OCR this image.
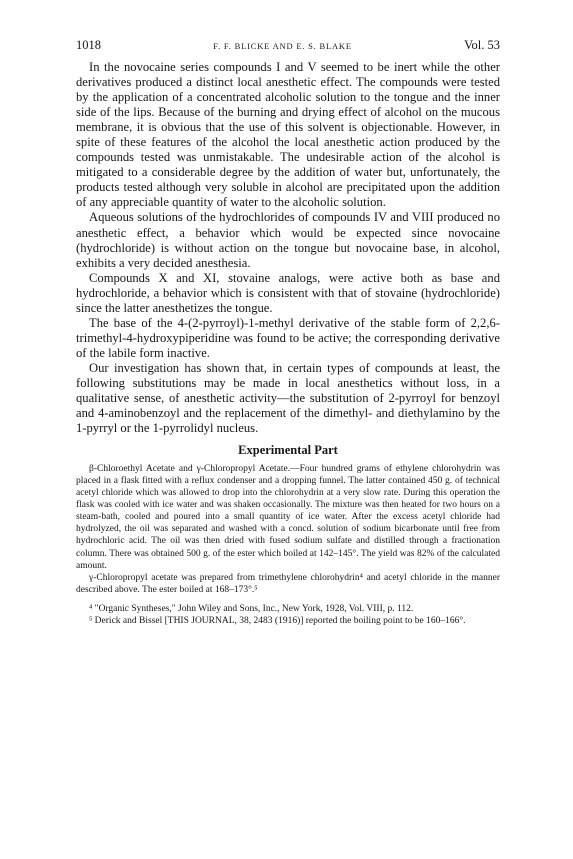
1018	F. F. BLICKE AND E. S. BLAKE	Vol. 53

In the novocaine series compounds I and V seemed to be inert while the other derivatives produced a distinct local anesthetic effect. The compounds were tested by the application of a concentrated alcoholic solution to the tongue and the inner side of the lips. Because of the burning and drying effect of alcohol on the mucous membrane, it is obvious that the use of this solvent is objectionable. However, in spite of these features of the alcohol the local anesthetic action produced by the compounds tested was unmistakable. The undesirable action of the alcohol is mitigated to a considerable degree by the addition of water but, unfortunately, the products tested although very soluble in alcohol are precipitated upon the addition of any appreciable quantity of water to the alcoholic solution.

Aqueous solutions of the hydrochlorides of compounds IV and VIII produced no anesthetic effect, a behavior which would be expected since novocaine (hydrochloride) is without action on the tongue but novocaine base, in alcohol, exhibits a very decided anesthesia.

Compounds X and XI, stovaine analogs, were active both as base and hydrochloride, a behavior which is consistent with that of stovaine (hydrochloride) since the latter anesthetizes the tongue.

The base of the 4-(2-pyrroyl)-1-methyl derivative of the stable form of 2,2,6-trimethyl-4-hydroxypiperidine was found to be active; the corresponding derivative of the labile form inactive.

Our investigation has shown that, in certain types of compounds at least, the following substitutions may be made in local anesthetics without loss, in a qualitative sense, of anesthetic activity—the substitution of 2-pyrroyl for benzoyl and 4-aminobenzoyl and the replacement of the dimethyl- and diethylamino by the 1-pyrryl or the 1-pyrrolidyl nucleus.

Experimental Part

β-Chloroethyl Acetate and γ-Chloropropyl Acetate.—Four hundred grams of ethylene chlorohydrin was placed in a flask fitted with a reflux condenser and a dropping funnel. The latter contained 450 g. of technical acetyl chloride which was allowed to drop into the chlorohydrin at a very slow rate. During this operation the flask was cooled with ice water and was shaken occasionally. The mixture was then heated for two hours on a steam-bath, cooled and poured into a small quantity of ice water. After the excess acetyl chloride had hydrolyzed, the oil was separated and washed with a concd. solution of sodium bicarbonate until free from hydrochloric acid. The oil was then dried with fused sodium sulfate and distilled through a fractionation column. There was obtained 500 g. of the ester which boiled at 142–145°. The yield was 82% of the calculated amount.

γ-Chloropropyl acetate was prepared from trimethylene chlorohydrin⁴ and acetyl chloride in the manner described above. The ester boiled at 168–173°.⁵

⁴ "Organic Syntheses," John Wiley and Sons, Inc., New York, 1928, Vol. VIII, p. 112.

⁵ Derick and Bissel [THIS JOURNAL, 38, 2483 (1916)] reported the boiling point to be 160–166°.
